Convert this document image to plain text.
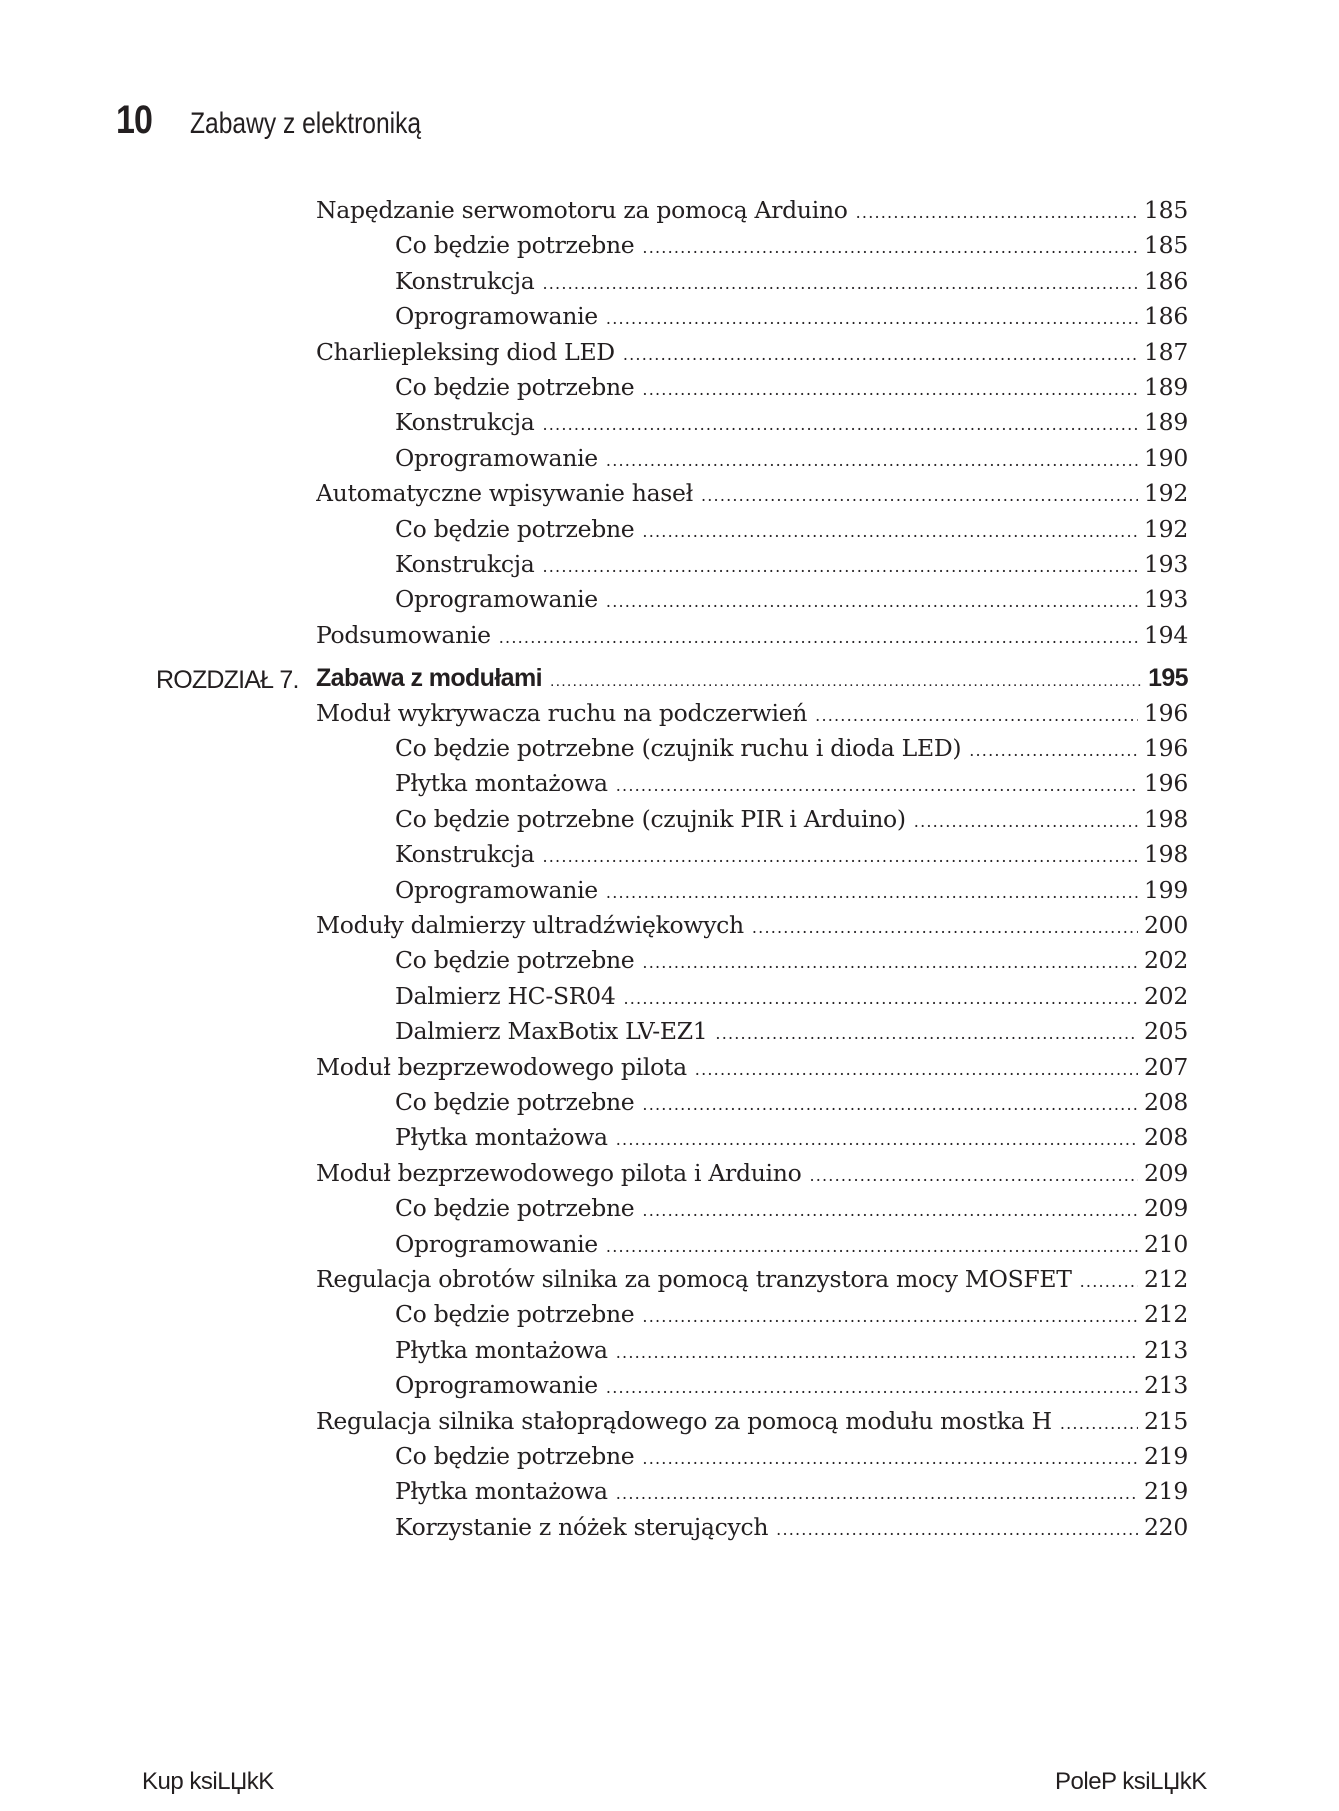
10	Zabawy z elektroniką
Napędzanie serwomotoru za pomocą Arduino .....	185
Co będzie potrzebne .....	185
Konstrukcja .....	186
Oprogramowanie .....	186
Charliepleksing diod LED .....	187
Co będzie potrzebne .....	189
Konstrukcja .....	189
Oprogramowanie .....	190
Automatyczne wpisywanie haseł .....	192
Co będzie potrzebne .....	192
Konstrukcja .....	193
Oprogramowanie .....	193
Podsumowanie .....	194
ROZDZIAŁ 7. Zabawa z modułami .....	195
Moduł wykrywacza ruchu na podczerwień .....	196
Co będzie potrzebne (czujnik ruchu i dioda LED) .....	196
Płytka montażowa .....	196
Co będzie potrzebne (czujnik PIR i Arduino) .....	198
Konstrukcja .....	198
Oprogramowanie .....	199
Moduły dalmierzy ultradźwiękowych .....	200
Co będzie potrzebne .....	202
Dalmierz HC-SR04 .....	202
Dalmierz MaxBotix LV-EZ1 .....	205
Moduł bezprzewodowego pilota .....	207
Co będzie potrzebne .....	208
Płytka montażowa .....	208
Moduł bezprzewodowego pilota i Arduino .....	209
Co będzie potrzebne .....	209
Oprogramowanie .....	210
Regulacja obrotów silnika za pomocą tranzystora mocy MOSFET .....	212
Co będzie potrzebne .....	212
Płytka montażowa .....	213
Oprogramowanie .....	213
Regulacja silnika stałoprądowego za pomocą modułu mostka H .....	215
Co będzie potrzebne .....	219
Płytka montażowa .....	219
Korzystanie z nóżek sterujących .....	220
Kup ksiLЏkK	PoleP ksiLЏkK
